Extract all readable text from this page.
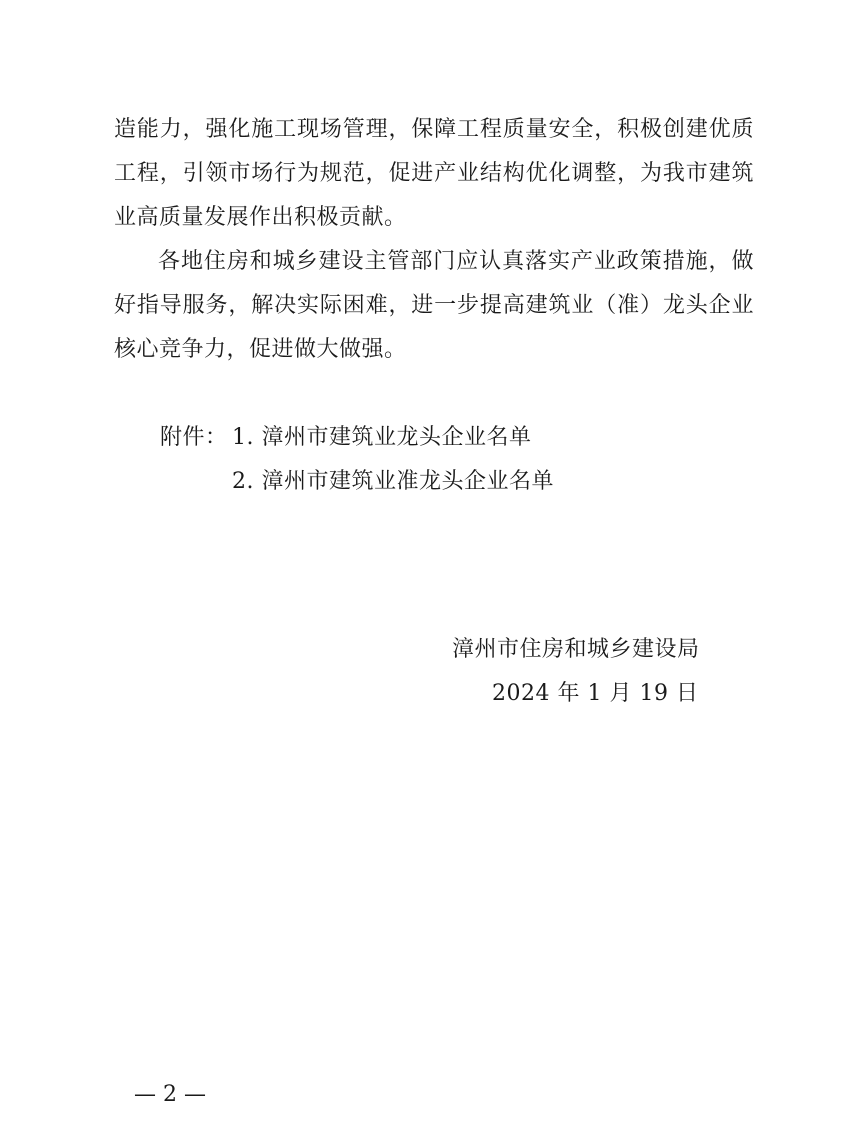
造能力，强化施工现场管理，保障工程质量安全，积极创建优质工程，引领市场行为规范，促进产业结构优化调整，为我市建筑业高质量发展作出积极贡献。

各地住房和城乡建设主管部门应认真落实产业政策措施，做好指导服务，解决实际困难，进一步提高建筑业（准）龙头企业核心竞争力，促进做大做强。

附件： 1. 漳州市建筑业龙头企业名单
2. 漳州市建筑业准龙头企业名单
漳州市住房和城乡建设局
2024 年 1 月 19 日
— 2 —
